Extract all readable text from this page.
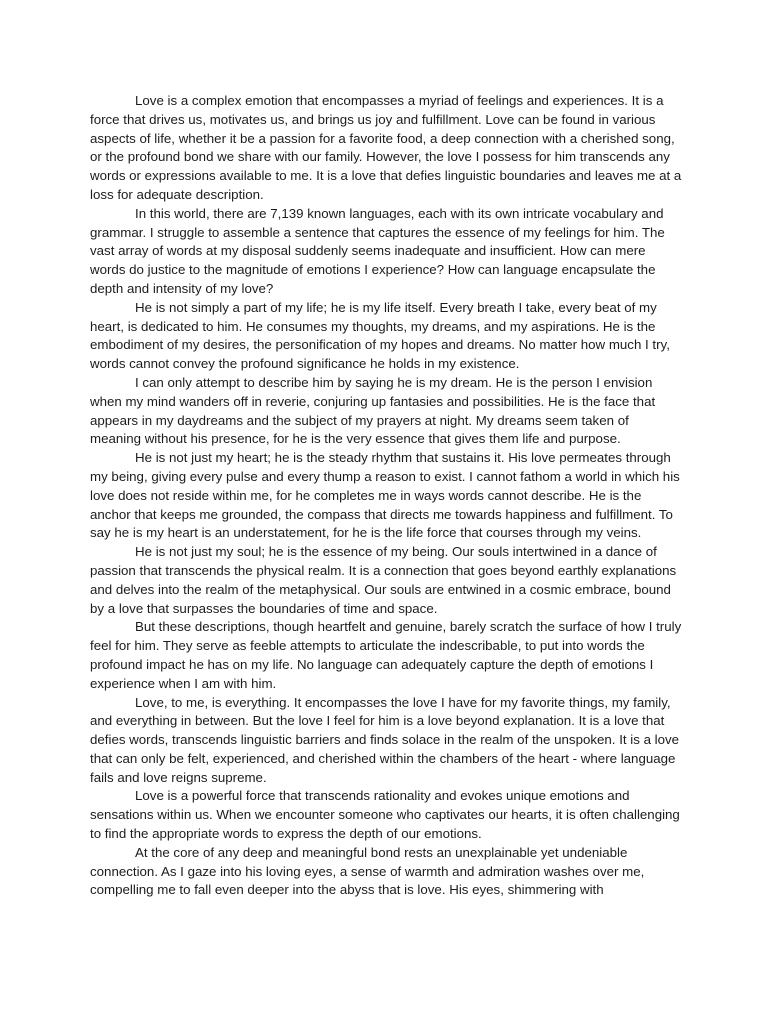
Love is a complex emotion that encompasses a myriad of feelings and experiences. It is a force that drives us, motivates us, and brings us joy and fulfillment. Love can be found in various aspects of life, whether it be a passion for a favorite food, a deep connection with a cherished song, or the profound bond we share with our family. However, the love I possess for him transcends any words or expressions available to me. It is a love that defies linguistic boundaries and leaves me at a loss for adequate description.

In this world, there are 7,139 known languages, each with its own intricate vocabulary and grammar. I struggle to assemble a sentence that captures the essence of my feelings for him. The vast array of words at my disposal suddenly seems inadequate and insufficient. How can mere words do justice to the magnitude of emotions I experience? How can language encapsulate the depth and intensity of my love?

He is not simply a part of my life; he is my life itself. Every breath I take, every beat of my heart, is dedicated to him. He consumes my thoughts, my dreams, and my aspirations. He is the embodiment of my desires, the personification of my hopes and dreams. No matter how much I try, words cannot convey the profound significance he holds in my existence.

I can only attempt to describe him by saying he is my dream. He is the person I envision when my mind wanders off in reverie, conjuring up fantasies and possibilities. He is the face that appears in my daydreams and the subject of my prayers at night. My dreams seem taken of meaning without his presence, for he is the very essence that gives them life and purpose.

He is not just my heart; he is the steady rhythm that sustains it. His love permeates through my being, giving every pulse and every thump a reason to exist. I cannot fathom a world in which his love does not reside within me, for he completes me in ways words cannot describe. He is the anchor that keeps me grounded, the compass that directs me towards happiness and fulfillment. To say he is my heart is an understatement, for he is the life force that courses through my veins.

He is not just my soul; he is the essence of my being. Our souls intertwined in a dance of passion that transcends the physical realm. It is a connection that goes beyond earthly explanations and delves into the realm of the metaphysical. Our souls are entwined in a cosmic embrace, bound by a love that surpasses the boundaries of time and space.

But these descriptions, though heartfelt and genuine, barely scratch the surface of how I truly feel for him. They serve as feeble attempts to articulate the indescribable, to put into words the profound impact he has on my life. No language can adequately capture the depth of emotions I experience when I am with him.

Love, to me, is everything. It encompasses the love I have for my favorite things, my family, and everything in between. But the love I feel for him is a love beyond explanation. It is a love that defies words, transcends linguistic barriers and finds solace in the realm of the unspoken. It is a love that can only be felt, experienced, and cherished within the chambers of the heart - where language fails and love reigns supreme.

Love is a powerful force that transcends rationality and evokes unique emotions and sensations within us. When we encounter someone who captivates our hearts, it is often challenging to find the appropriate words to express the depth of our emotions.

At the core of any deep and meaningful bond rests an unexplainable yet undeniable connection. As I gaze into his loving eyes, a sense of warmth and admiration washes over me, compelling me to fall even deeper into the abyss that is love. His eyes, shimmering with
